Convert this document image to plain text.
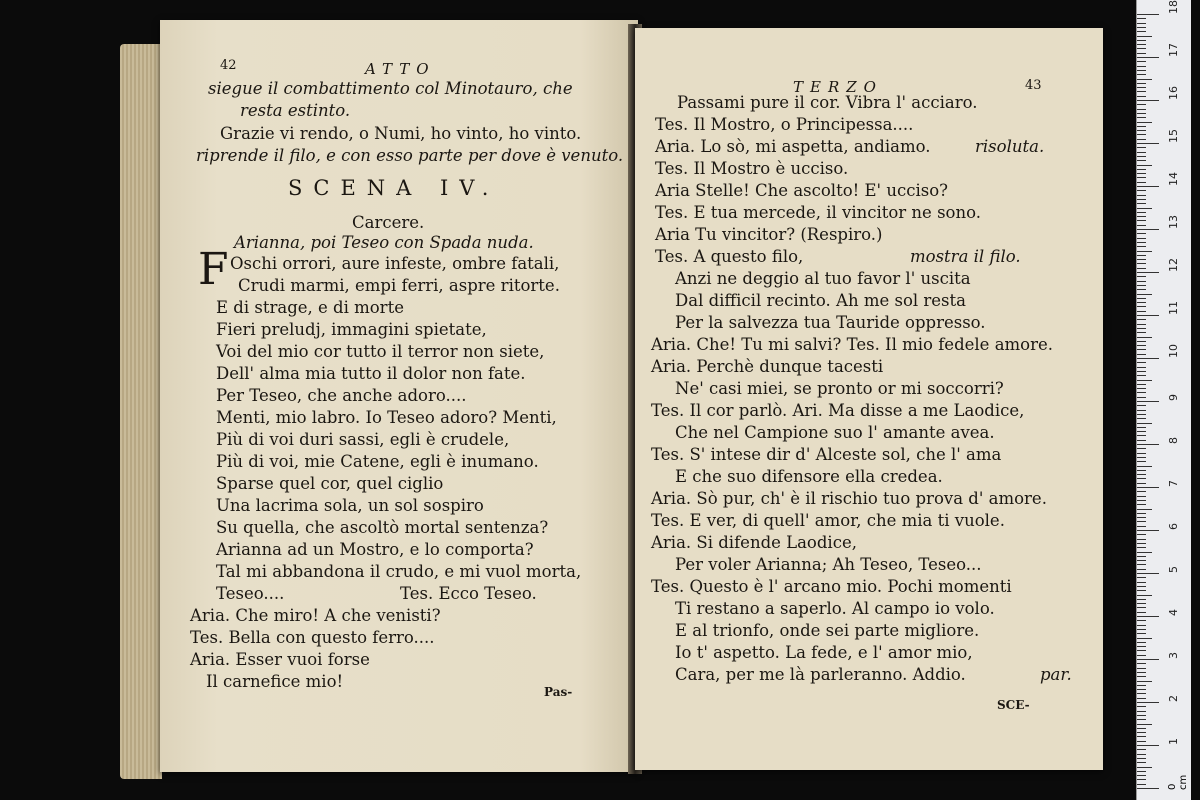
42	ATTO
siegue il combattimento col Minotauro, che
resta estinto.
Grazie vi rendo, o Numi, ho vinto, ho vinto.
riprende il filo, e con esso parte per dove è venuto.
SCENA IV.
Carcere.
Arianna, poi Teseo con Spada nuda.
F Oschi orrori, aure infeste, ombre fatali,
Crudi marmi, empi ferri, aspre ritorte.
E di strage, e di morte
Fieri preludj, immagini spietate,
Voi del mio cor tutto il terror non siete,
Dell' alma mia tutto il dolor non fate.
Per Teseo, che anche adoro....
Menti, mio labro. Io Teseo adoro? Menti,
Più di voi duri sassi, egli è crudele,
Più di voi, mie Catene, egli è inumano.
Sparse quel cor, quel ciglio
Una lacrima sola, un sol sospiro
Su quella, che ascoltò mortal sentenza?
Arianna ad un Mostro, e lo comporta?
Tal mi abbandona il crudo, e mi vuol morta,
Teseo....	Tes. Ecco Teseo.
Aria. Che miro! A che venisti?
Tes. Bella con questo ferro....
Aria. Esser vuoi forse
Il carnefice mio!
Pas-
TERZO	43
Passami pure il cor. Vibra l' acciaro.
Tes. Il Mostro, o Principessa....
Aria. Lo sò, mi aspetta, andiamo.	risoluta.
Tes. Il Mostro è ucciso.
Aria Stelle! Che ascolto! E' ucciso?
Tes. E tua mercede, il vincitor ne sono.
Aria Tu vincitor? (Respiro.)
Tes. A questo filo,	mostra il filo.
Anzi ne deggio al tuo favor l' uscita
Dal difficil recinto. Ah me sol resta
Per la salvezza tua Tauride oppresso.
Aria. Che! Tu mi salvi? Tes. Il mio fedele amore.
Aria. Perchè dunque tacesti
Ne' casi miei, se pronto or mi soccorri?
Tes. Il cor parlò. Ari. Ma disse a me Laodice,
Che nel Campione suo l' amante avea.
Tes. S' intese dir d' Alceste sol, che l' ama
E che suo difensore ella credea.
Aria. Sò pur, ch' è il rischio tuo prova d' amore.
Tes. E ver, di quell' amor, che mia ti vuole.
Aria. Si difende Laodice,
Per voler Arianna; Ah Teseo, Teseo...
Tes. Questo è l' arcano mio. Pochi momenti
Ti restano a saperlo. Al campo io volo.
E al trionfo, onde sei parte migliore.
Io t' aspetto. La fede, e l' amor mio,
Cara, per me là parleranno. Addio.	par.
SCE-
0 cm
1
2
3
4
5
6
7
8
9
10
11
12
13
14
15
16
17
18
